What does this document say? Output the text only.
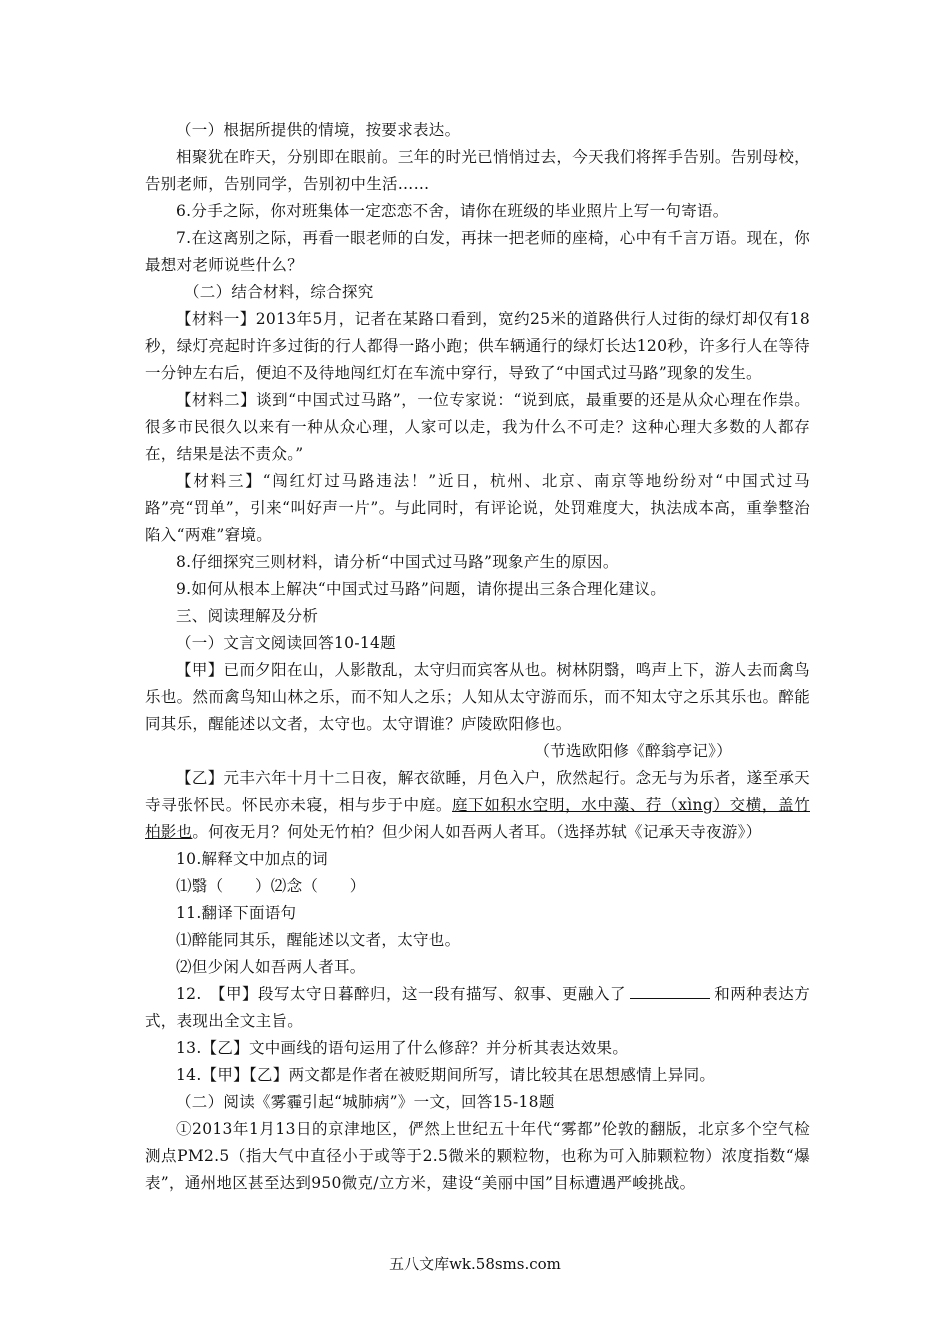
（一）根据所提供的情境，按要求表达。

相聚犹在昨天，分别即在眼前。三年的时光已悄悄过去，今天我们将挥手告别。告别母校，告别老师，告别同学，告别初中生活……

6.分手之际，你对班集体一定恋恋不舍，请你在班级的毕业照片上写一句寄语。

7.在这离别之际，再看一眼老师的白发，再抹一把老师的座椅，心中有千言万语。现在，你最想对老师说些什么？

（二）结合材料，综合探究

【材料一】2013年5月，记者在某路口看到，宽约25米的道路供行人过街的绿灯却仅有18秒，绿灯亮起时许多过街的行人都得一路小跑；供车辆通行的绿灯长达120秒，许多行人在等待一分钟左右后，便迫不及待地闯红灯在车流中穿行，导致了“中国式过马路”现象的发生。

【材料二】谈到“中国式过马路”，一位专家说：“说到底，最重要的还是从众心理在作祟。很多市民很久以来有一种从众心理，人家可以走，我为什么不可走？这种心理大多数的人都存在，结果是法不责众。”

【材料三】“闯红灯过马路违法！”近日，杭州、北京、南京等地纷纷对“中国式过马路”亮“罚单”，引来“叫好声一片”。与此同时，有评论说，处罚难度大，执法成本高，重拳整治陷入“两难”窘境。

8.仔细探究三则材料，请分析“中国式过马路”现象产生的原因。

9.如何从根本上解决“中国式过马路”问题，请你提出三条合理化建议。

三、阅读理解及分析

（一）文言文阅读回答10-14题

【甲】已而夕阳在山，人影散乱，太守归而宾客从也。树林阴翳，鸣声上下，游人去而禽鸟乐也。然而禽鸟知山林之乐，而不知人之乐；人知从太守游而乐，而不知太守之乐其乐也。醉能同其乐，醒能述以文者，太守也。太守谓谁？庐陵欧阳修也。

（节选欧阳修《醉翁亭记》）

【乙】元丰六年十月十二日夜，解衣欲睡，月色入户，欣然起行。念无与为乐者，遂至承天寺寻张怀民。怀民亦未寝，相与步于中庭。庭下如积水空明，水中藻、荇（xìng）交横，盖竹柏影也。何夜无月？何处无竹柏？但少闲人如吾两人者耳。（选择苏轼《记承天寺夜游》）

10.解释文中加点的词

⑴翳（　　）⑵念（　　）

11.翻译下面语句

⑴醉能同其乐，醒能述以文者，太守也。

⑵但少闲人如吾两人者耳。

12.　【甲】段写太守日暮醉归，这一段有描写、叙事、更融入了	和两种表达方式，表现出全文主旨。

13.【乙】文中画线的语句运用了什么修辞？并分析其表达效果。

14.【甲】【乙】两文都是作者在被贬期间所写，请比较其在思想感情上异同。

（二）阅读《雾霾引起“城肺病”》一文，回答15-18题

①2013年1月13日的京津地区，俨然上世纪五十年代“雾都”伦敦的翻版，北京多个空气检测点PM2.5（指大气中直径小于或等于2.5微米的颗粒物，也称为可入肺颗粒物）浓度指数“爆表”，通州地区甚至达到950微克/立方米，建设“美丽中国”目标遭遇严峻挑战。

五八文库wk.58sms.com
